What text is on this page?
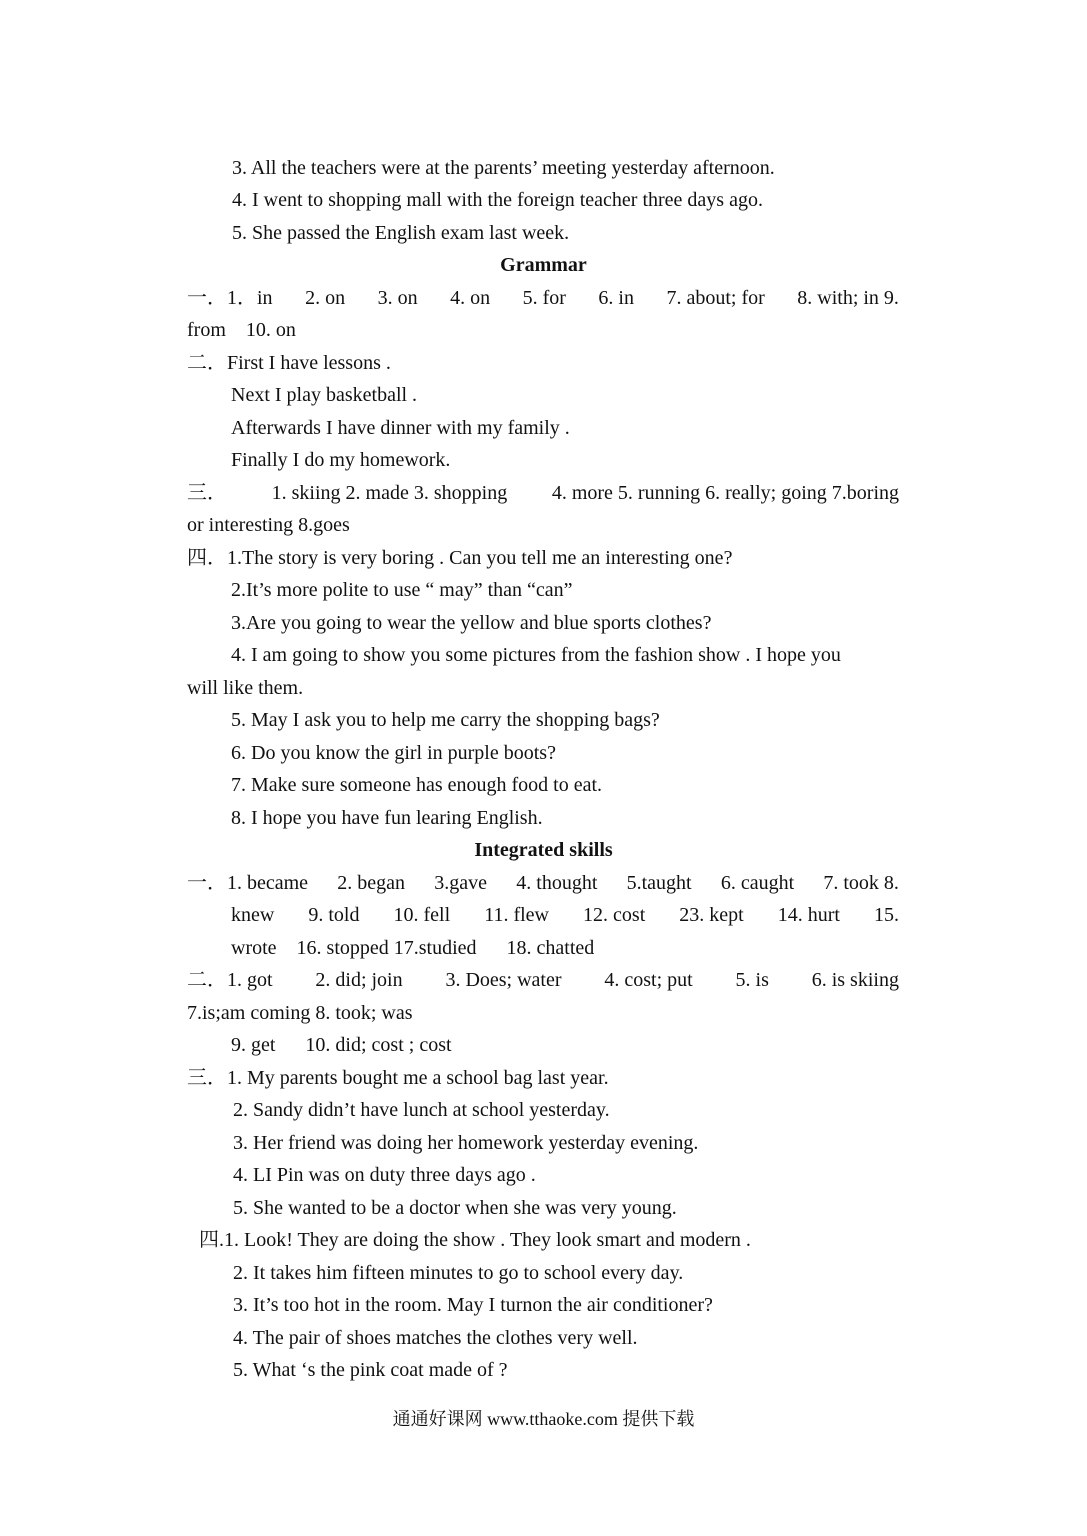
3. All the teachers were at the parents’ meeting yesterday afternoon.
4. I went to shopping mall with the foreign teacher three days ago.
5. She passed the English exam last week.
Grammar
一．1．in 2. on 3. on 4. on 5. for 6. in 7. about; for 8. with; in 9.
from    10. on
二．First I have lessons .
Next I play basketball .
Afterwards I have dinner with my family .
Finally I do my homework.
三． 1. skiing 2. made 3. shopping 4. more 5. running 6. really; going 7.boring
or interesting 8.goes
四．1.The story is very boring . Can you tell me an interesting one?
2.It’s more polite to use “ may” than “can”
3.Are you going to wear the yellow and blue sports clothes?
4. I am going to show you some pictures from the fashion show . I hope you
will like them.
5. May I ask you to help me carry the shopping bags?
6. Do you know the girl in purple boots?
7. Make sure someone has enough food to eat.
8. I hope you have fun learing English.
Integrated skills
一．1. became 2. began 3.gave 4. thought 5.taught 6. caught 7. took 8.
knew 9. told 10. fell 11. flew 12. cost 23. kept 14. hurt 15.
wrote    16. stopped 17.studied      18. chatted
二．1. got 2. did; join 3. Does; water 4. cost; put 5. is 6. is skiing
7.is;am coming 8. took; was
9. get      10. did; cost ; cost
三．1. My parents bought me a school bag last year.
2. Sandy didn’t have lunch at school yesterday.
3. Her friend was doing her homework yesterday evening.
4. LI Pin was on duty three days ago .
5. She wanted to be a doctor when she was very young.
四.1. Look! They are doing the show . They look smart and modern .
2. It takes him fifteen minutes to go to school every day.
3. It’s too hot in the room. May I turnon the air conditioner?
4. The pair of shoes matches the clothes very well.
5. What ‘s the pink coat made of ?
通通好课网 www.tthaoke.com 提供下载
